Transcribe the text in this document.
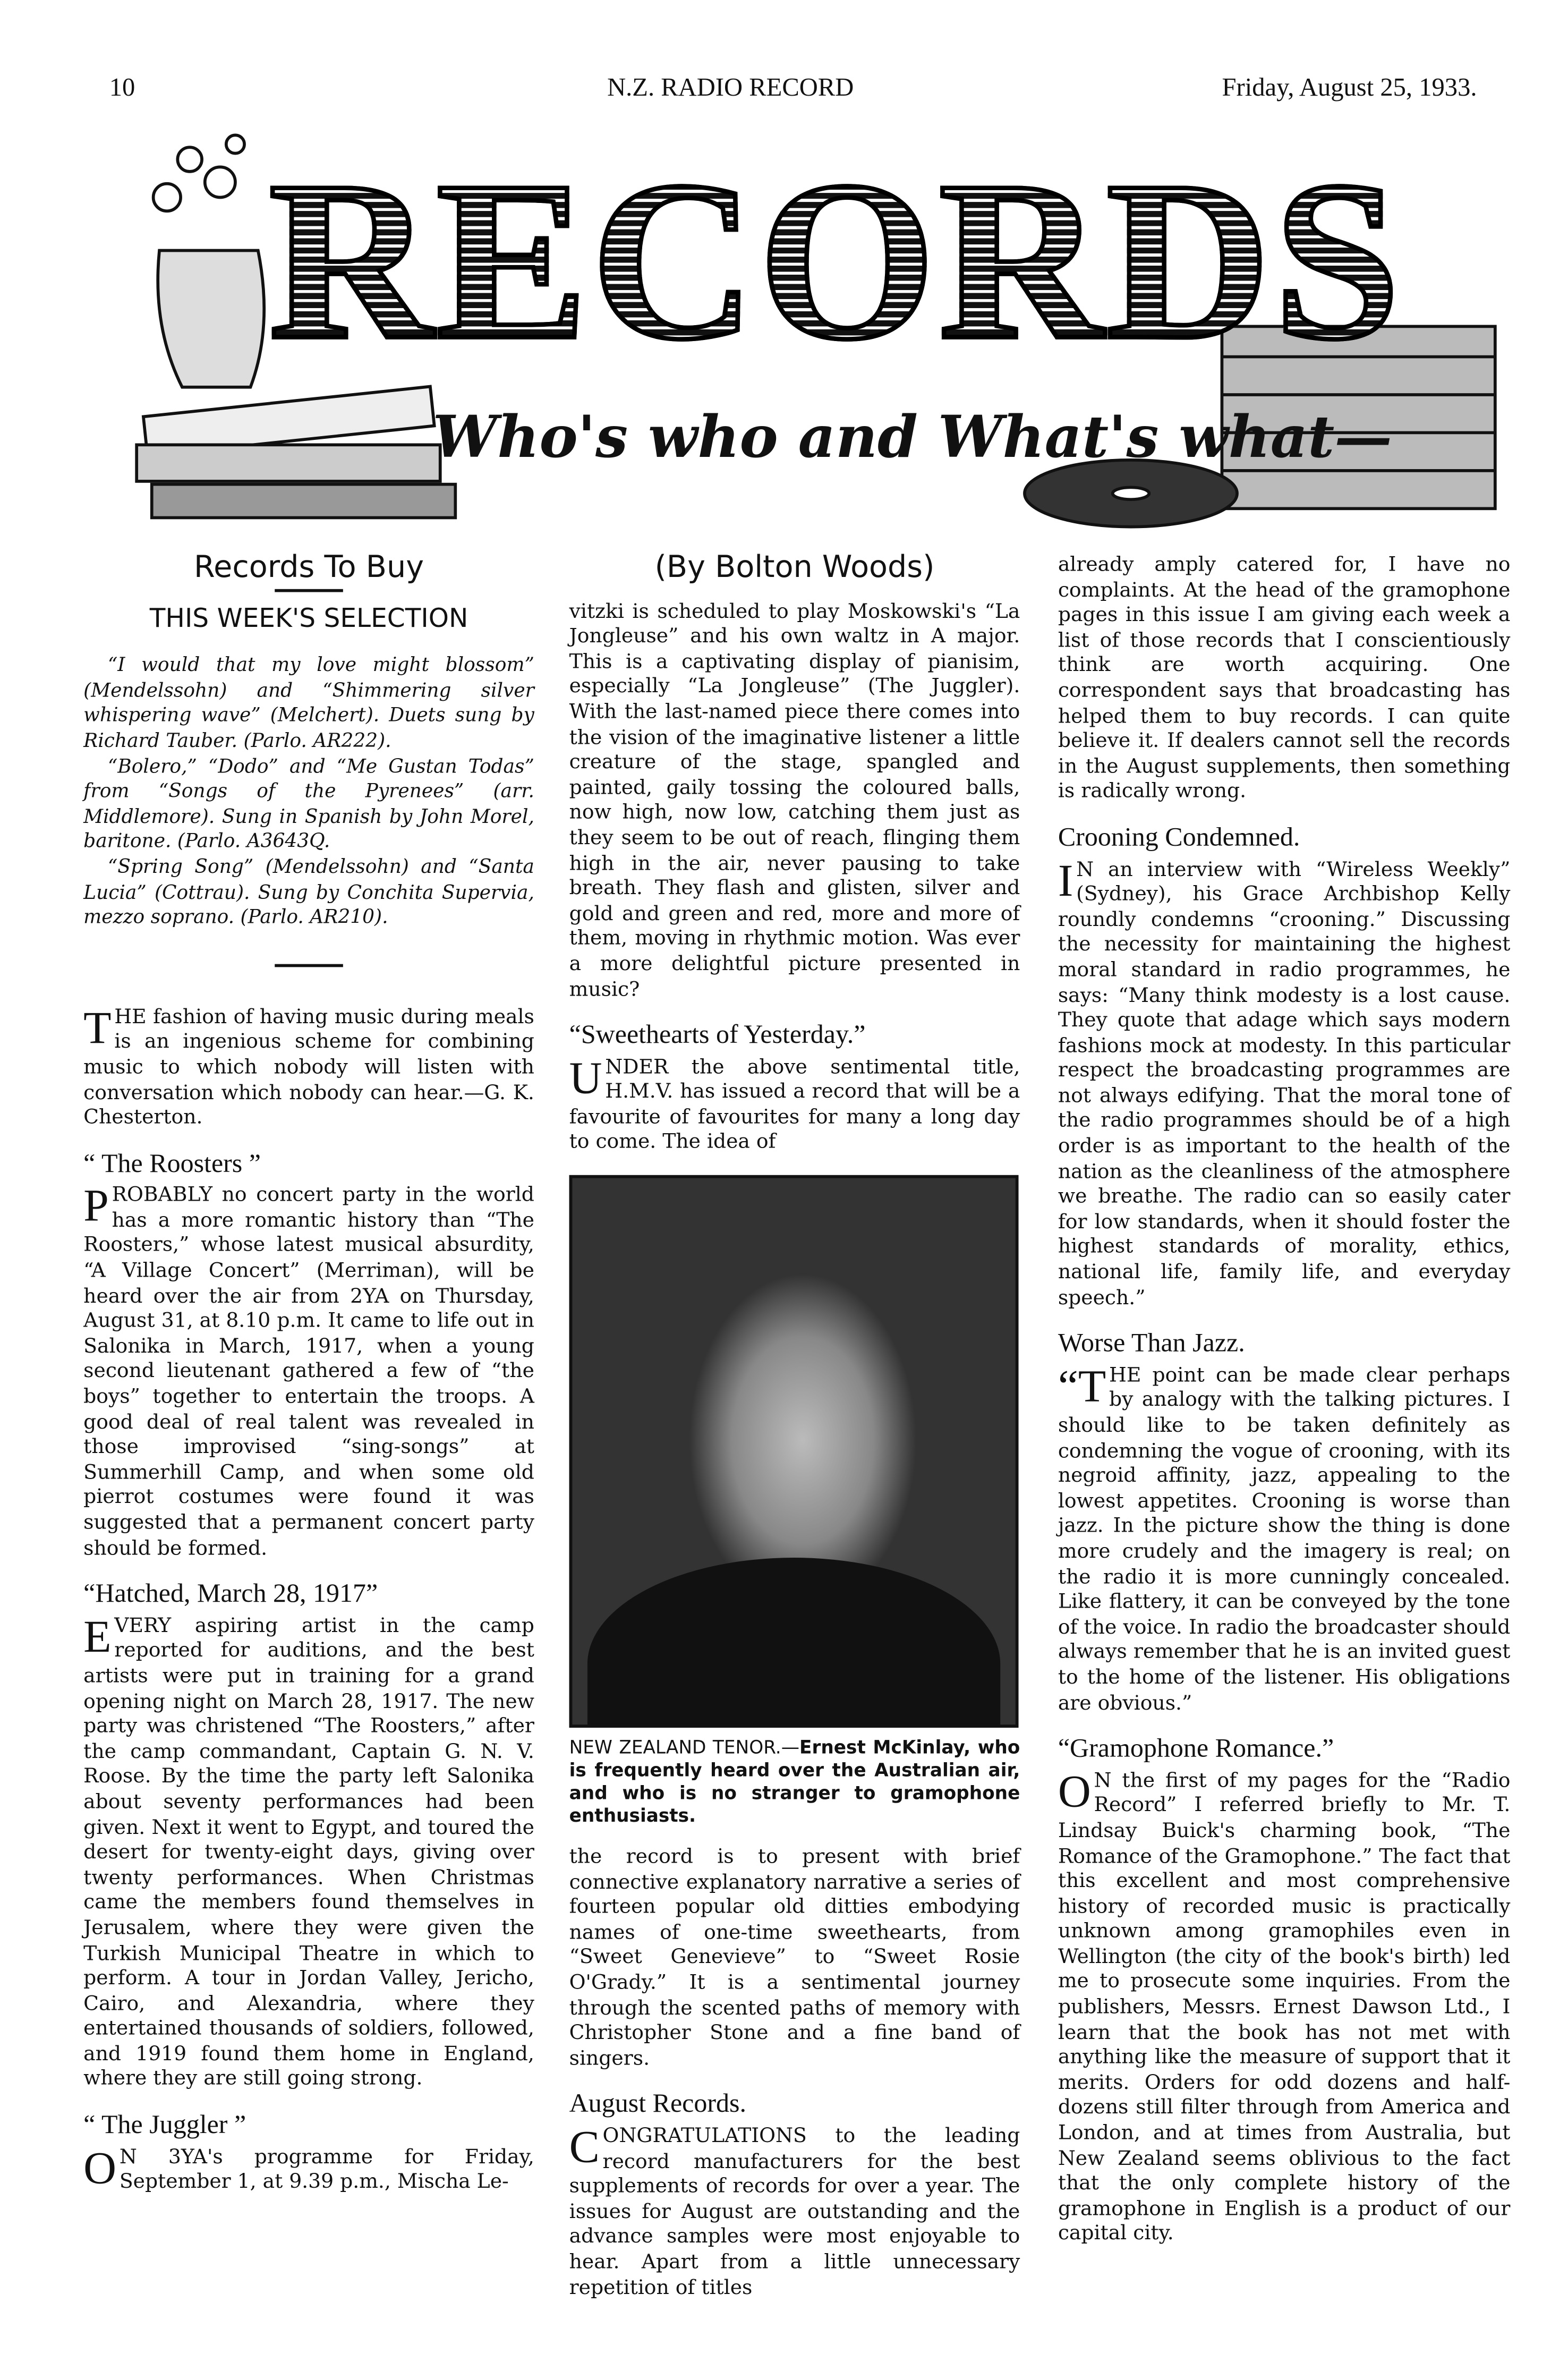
10	N.Z. RADIO RECORD	Friday, August 25, 1933.
RECORDS
Who's who and What's what—
Records To Buy
THIS WEEK'S SELECTION

“I would that my love might blossom” (Mendelssohn) and “Shimmering silver whispering wave” (Melchert). Duets sung by Richard Tauber. (Parlo. AR222).

“Bolero,” “Dodo” and “Me Gustan Todas” from “Songs of the Pyrenees” (arr. Middlemore). Sung in Spanish by John Morel, baritone. (Parlo. A3643Q.

“Spring Song” (Mendelssohn) and “Santa Lucia” (Cottrau). Sung by Conchita Supervia, mezzo soprano. (Parlo. AR210).

THE fashion of having music during meals is an ingenious scheme for combining music to which nobody will listen with conversation which nobody can hear.—G. K. Chesterton.

“ The Roosters ”

PROBABLY no concert party in the world has a more romantic history than “The Roosters,” whose latest musical absurdity, “A Village Concert” (Merriman), will be heard over the air from 2YA on Thursday, August 31, at 8.10 p.m. It came to life out in Salonika in March, 1917, when a young second lieutenant gathered a few of “the boys” together to entertain the troops. A good deal of real talent was revealed in those improvised “sing-songs” at Summerhill Camp, and when some old pierrot costumes were found it was suggested that a permanent concert party should be formed.

“Hatched, March 28, 1917”

EVERY aspiring artist in the camp reported for auditions, and the best artists were put in training for a grand opening night on March 28, 1917. The new party was christened “The Roosters,” after the camp commandant, Captain G. N. V. Roose. By the time the party left Salonika about seventy performances had been given. Next it went to Egypt, and toured the desert for twenty-eight days, giving over twenty performances. When Christmas came the members found themselves in Jerusalem, where they were given the Turkish Municipal Theatre in which to perform. A tour in Jordan Valley, Jericho, Cairo, and Alexandria, where they entertained thousands of soldiers, followed, and 1919 found them home in England, where they are still going strong.

“ The Juggler ”

O N 3YA's programme for Friday, September 1, at 9.39 p.m., Mischa Le-

(By Bolton Woods)

vitzki is scheduled to play Moskowski's “La Jongleuse” and his own waltz in A major. This is a captivating display of pianisim, especially “La Jongleuse” (The Juggler). With the last-named piece there comes into the vision of the imaginative listener a little creature of the stage, spangled and painted, gaily tossing the coloured balls, now high, now low, catching them just as they seem to be out of reach, flinging them high in the air, never pausing to take breath. They flash and glisten, silver and gold and green and red, more and more of them, moving in rhythmic motion. Was ever a more delightful picture presented in music?

“Sweethearts of Yesterday.”

UNDER the above sentimental title, H.M.V. has issued a record that will be a favourite of favourites for many a long day to come. The idea of

NEW ZEALAND TENOR.—Ernest McKinlay, who is frequently heard over the Australian air, and who is no stranger to gramophone enthusiasts.

the record is to present with brief connective explanatory narrative a series of fourteen popular old ditties embodying names of one-time sweethearts, from “Sweet Genevieve” to “Sweet Rosie O'Grady.” It is a sentimental journey through the scented paths of memory with Christopher Stone and a fine band of singers.

August Records.

CONGRATULATIONS to the leading record manufacturers for the best supplements of records for over a year. The issues for August are outstanding and the advance samples were most enjoyable to hear. Apart from a little unnecessary repetition of titles

already amply catered for, I have no complaints. At the head of the gramophone pages in this issue I am giving each week a list of those records that I conscientiously think are worth acquiring. One correspondent says that broadcasting has helped them to buy records. I can quite believe it. If dealers cannot sell the records in the August supplements, then something is radically wrong.

Crooning Condemned.

I N an interview with “Wireless Weekly” (Sydney), his Grace Archbishop Kelly roundly condemns “crooning.” Discussing the necessity for maintaining the highest moral standard in radio programmes, he says: “Many think modesty is a lost cause. They quote that adage which says modern fashions mock at modesty. In this particular respect the broadcasting programmes are not always edifying. That the moral tone of the radio programmes should be of a high order is as important to the health of the nation as the cleanliness of the atmosphere we breathe. The radio can so easily cater for low standards, when it should foster the highest standards of morality, ethics, national life, family life, and everyday speech.”

Worse Than Jazz.

“THE point can be made clear perhaps by analogy with the talking pictures. I should like to be taken definitely as condemning the vogue of crooning, with its negroid affinity, jazz, appealing to the lowest appetites. Crooning is worse than jazz. In the picture show the thing is done more crudely and the imagery is real; on the radio it is more cunningly concealed. Like flattery, it can be conveyed by the tone of the voice. In radio the broadcaster should always remember that he is an invited guest to the home of the listener. His obligations are obvious.”

“Gramophone Romance.”

O N the first of my pages for the “Radio Record” I referred briefly to Mr. T. Lindsay Buick's charming book, “The Romance of the Gramophone.” The fact that this excellent and most comprehensive history of recorded music is practically unknown among gramophiles even in Wellington (the city of the book's birth) led me to prosecute some inquiries. From the publishers, Messrs. Ernest Dawson Ltd., I learn that the book has not met with anything like the measure of support that it merits. Orders for odd dozens and half-dozens still filter through from America and London, and at times from Australia, but New Zealand seems oblivious to the fact that the only complete history of the gramophone in English is a product of our capital city.
